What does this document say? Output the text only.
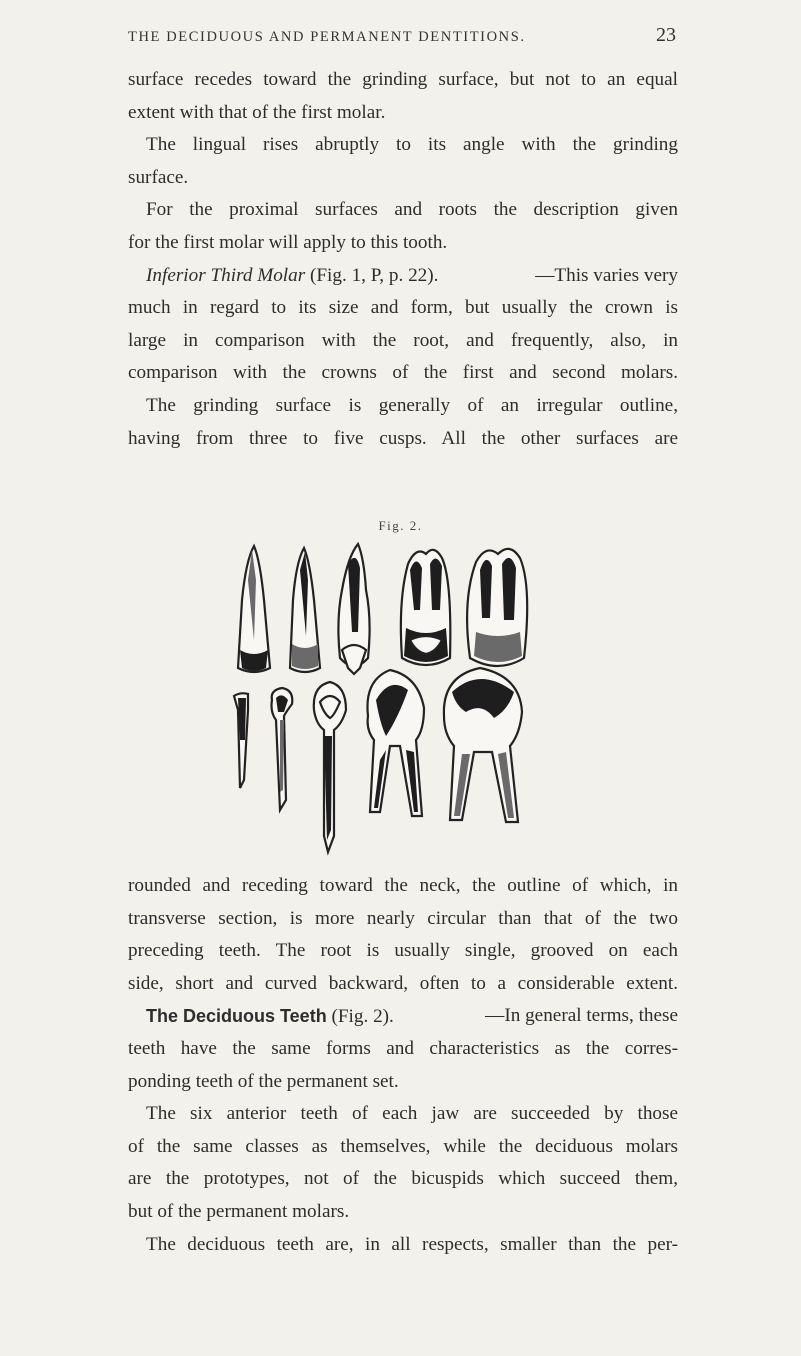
THE DECIDUOUS AND PERMANENT DENTITIONS.	23
surface recedes toward the grinding surface, but not to an equal
extent with that of the first molar.
The lingual rises abruptly to its angle with the grinding
surface.
For the proximal surfaces and roots the description given
for the first molar will apply to this tooth.
Inferior Third Molar (Fig. 1, P, p. 22).	—This varies very
much in regard to its size and form, but usually the crown is
large in comparison with the root, and frequently, also, in
comparison with the crowns of the first and second molars.
The grinding surface is generally of an irregular outline,
having from three to five cusps. All the other surfaces are
Fig. 2.
rounded and receding toward the neck, the outline of which, in
transverse section, is more nearly circular than that of the two
preceding teeth. The root is usually single, grooved on each
side, short and curved backward, often to a considerable extent.
The Deciduous Teeth (Fig. 2).	—In general terms, these
teeth have the same forms and characteristics as the corres-
ponding teeth of the permanent set.
The six anterior teeth of each jaw are succeeded by those
of the same classes as themselves, while the deciduous molars
are the prototypes, not of the bicuspids which succeed them,
but of the permanent molars.
The deciduous teeth are, in all respects, smaller than the per-
